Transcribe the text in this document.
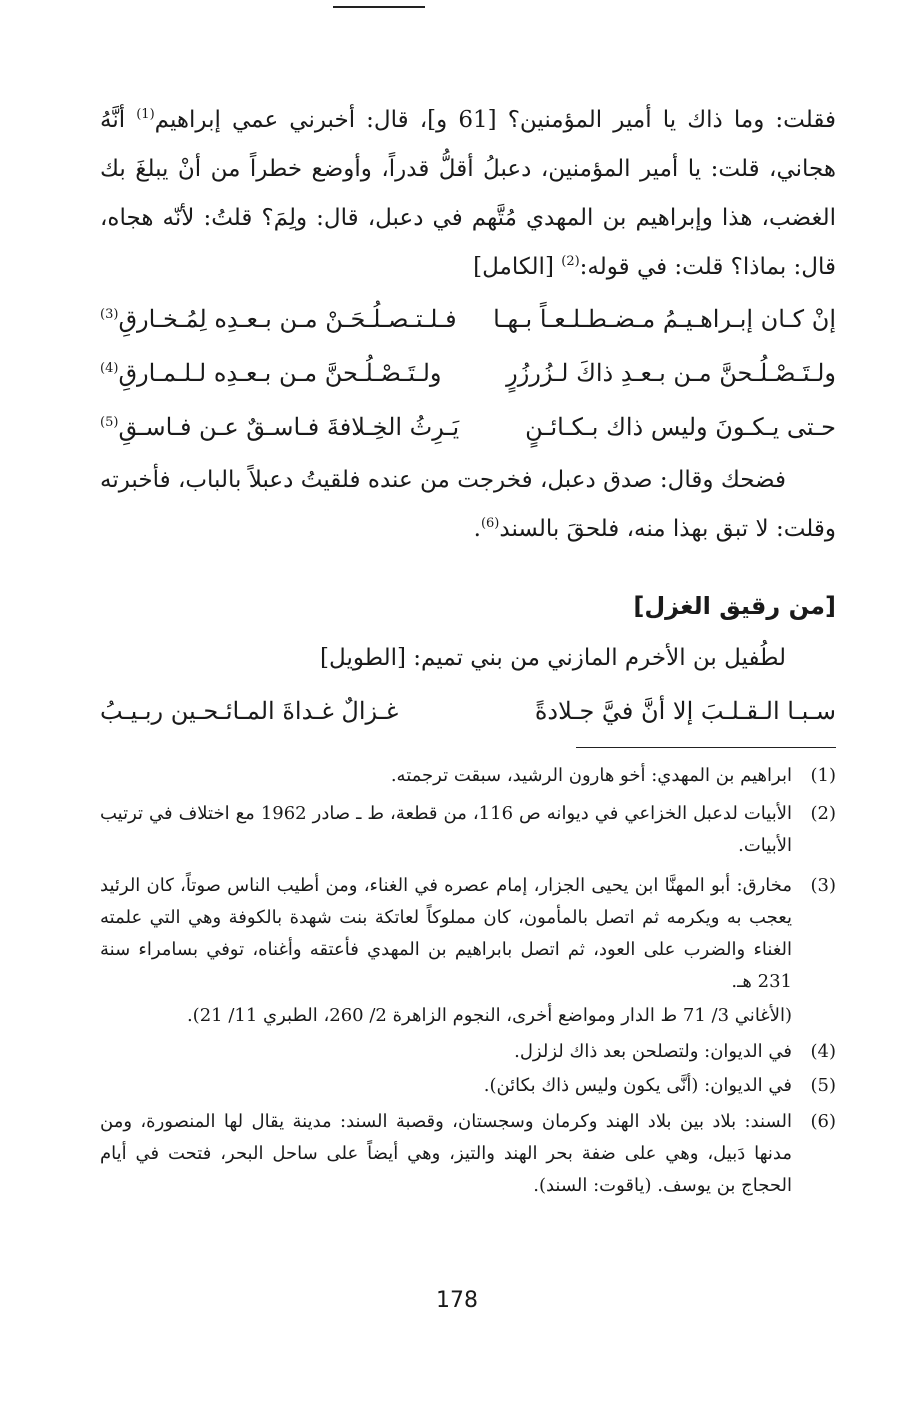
فقلت: وما ذاك يا أمير المؤمنين؟ [61 و]، قال: أخبرني عمي إبراهيم$^{(1)}$ أنَّهُ هجاني، قلت: يا أمير المؤمنين، دعبلُ أقلُّ قدراً، وأوضع خطراً من أنْ يبلغَ بك الغضب، هذا وإبراهيم بن المهدي مُتَّهم في دعبل، قال: ولِمَ؟ قلتُ: لأنّه هجاه، قال: بماذا؟ قلت: في قوله:$^{(2)}$ [الكامل]

إنْ كـان إبـراهـيـمُ مـضـطـلـعـاً بـهـا
فـلـتـصـلُـحَـنْ مـن بـعـدِه لِمُـخـارقِ$^{(3)}$
ولـتَـصْـلُـحنَّ مـن بـعـدِ ذاكَ لـزُرزُرٍ
ولـتَـصْـلُـحنَّ مـن بـعـدِه لـلـمـارقِ$^{(4)}$
حـتى يـكـونَ وليس ذاك بـكـائـنٍ
يَـرِثُ الخِـلافةَ فـاسـقٌ عـن فـاسـقِ$^{(5)}$

فضحك وقال: صدق دعبل، فخرجت من عنده فلقيتُ دعبلاً بالباب، فأخبرته وقلت: لا تبق بهذا منه، فلحقَ بالسند$^{(6)}$.

[من رقيق الغزل]
لطُفيل بن الأخرم المازني من بني تميم: [الطويل]
سـبـا الـقـلـبَ إلا أنَّ فيَّ جـلادةً
غـزالٌ غـداةَ المـائـحـين ربـيـبُ
(1)
ابراهيم بن المهدي: أخو هارون الرشيد، سبقت ترجمته.
(2)
الأبيات لدعبل الخزاعي في ديوانه ص 116، من قطعة، ط ـ صادر 1962 مع اختلاف في ترتيب الأبيات.
(3)
مخارق: أبو المهنَّا ابن يحيى الجزار، إمام عصره في الغناء، ومن أطيب الناس صوتاً، كان الرئيد يعجب به ويكرمه ثم اتصل بالمأمون، كان مملوكاً لعاتكة بنت شهدة بالكوفة وهي التي علمته الغناء والضرب على العود، ثم اتصل بابراهيم بن المهدي فأعتقه وأغناه، توفي بسامراء سنة 231 هـ.
(الأغاني 3/ 71 ط الدار ومواضع أخرى، النجوم الزاهرة 2/ 260، الطبري 11/ 21).
(4)
في الديوان: ولتصلحن بعد ذاك لزلزل.
(5)
في الديوان: (أنَّى يكون وليس ذاك بكائن).
(6)
السند: بلاد بين بلاد الهند وكرمان وسجستان، وقصبة السند: مدينة يقال لها المنصورة، ومن مدنها دَبيل، وهي على ضفة بحر الهند والتيز، وهي أيضاً على ساحل البحر، فتحت في أيام الحجاج بن يوسف. (ياقوت: السند).
178
